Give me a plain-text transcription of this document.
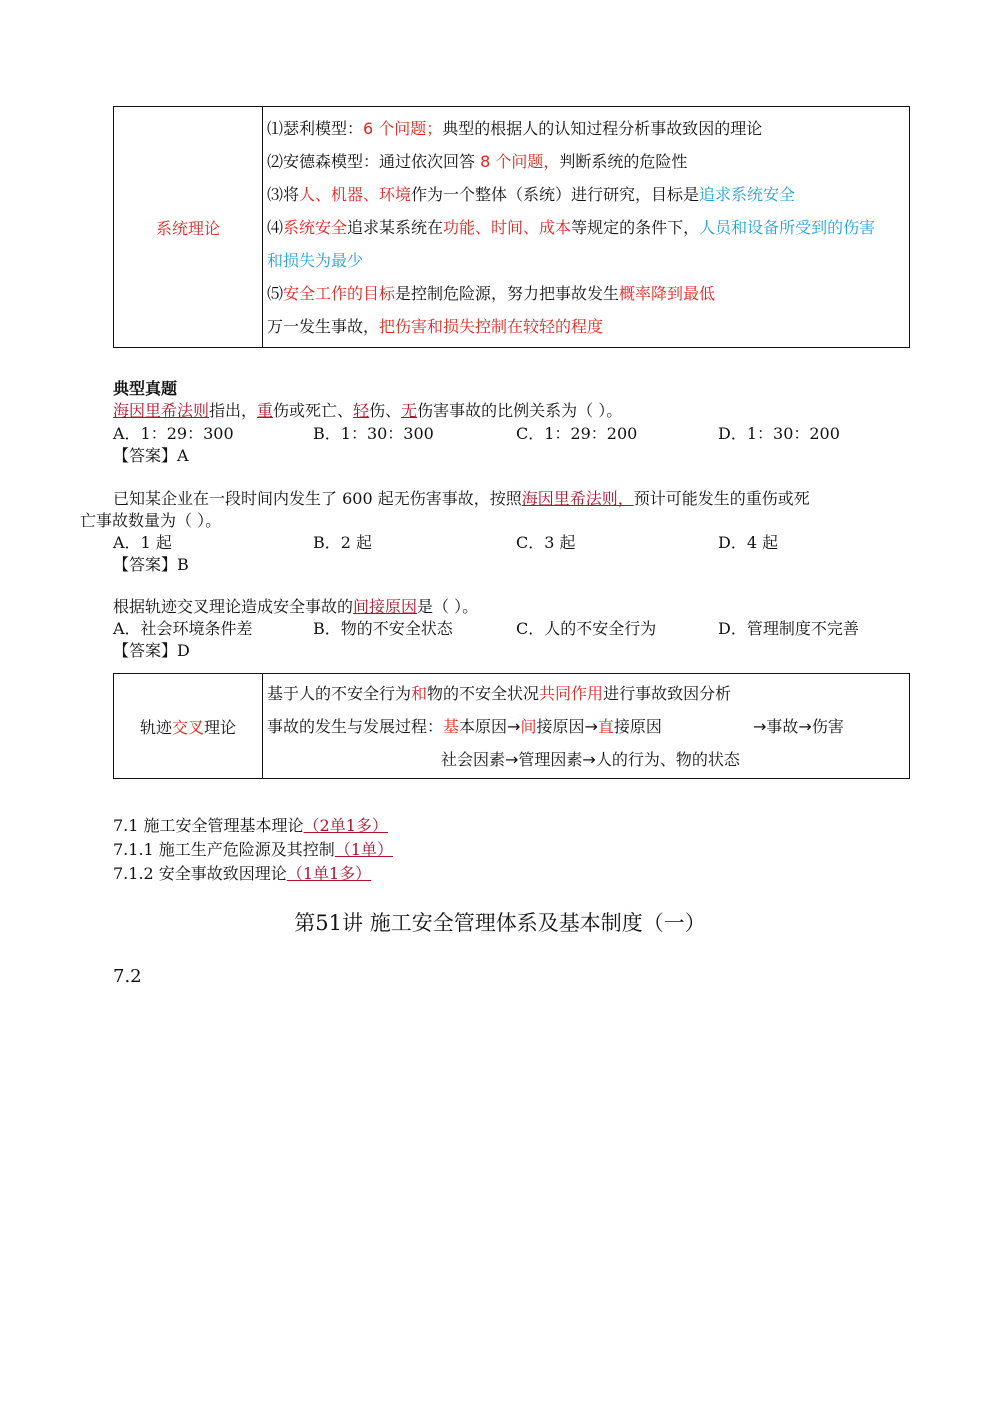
系统理论	
⑴瑟利模型：6 个问题；典型的根据人的认知过程分析事故致因的理论
⑵安德森模型：通过依次回答 8 个问题，判断系统的危险性
⑶将人、机器、环境作为一个整体（系统）进行研究，目标是追求系统安全
⑷系统安全追求某系统在功能、时间、成本等规定的条件下，人员和设备所受到的伤害
和损失为最少
⑸安全工作的目标是控制危险源，努力把事故发生概率降到最低
万一发生事故，把伤害和损失控制在较轻的程度
典型真题
海因里希法则指出，重伤或死亡、轻伤、无伤害事故的比例关系为（ ）。
A．1：29：300	B．1：30：300	C．1：29：200	D．1：30：200
【答案】A
已知某企业在一段时间内发生了 600 起无伤害事故，按照海因里希法则，预计可能发生的重伤或死
亡事故数量为（ ）。
A．1 起	B．2 起	C．3 起	D．4 起
【答案】B
根据轨迹交叉理论造成安全事故的间接原因是（ ）。
A．社会环境条件差	B．物的不安全状态	C．人的不安全行为	D．管理制度不完善
【答案】D
轨迹交叉理论	
基于人的不安全行为和物的不安全状况共同作用进行事故致因分析
事故的发生与发展过程：基本原因→间接原因→直接原因	→事故→伤害
社会因素→管理因素→人的行为、物的状态
7.1 施工安全管理基本理论（2单1多）
7.1.1 施工生产危险源及其控制（1单）
7.1.2 安全事故致因理论（1单1多）
第51讲 施工安全管理体系及基本制度（一）
7.2
